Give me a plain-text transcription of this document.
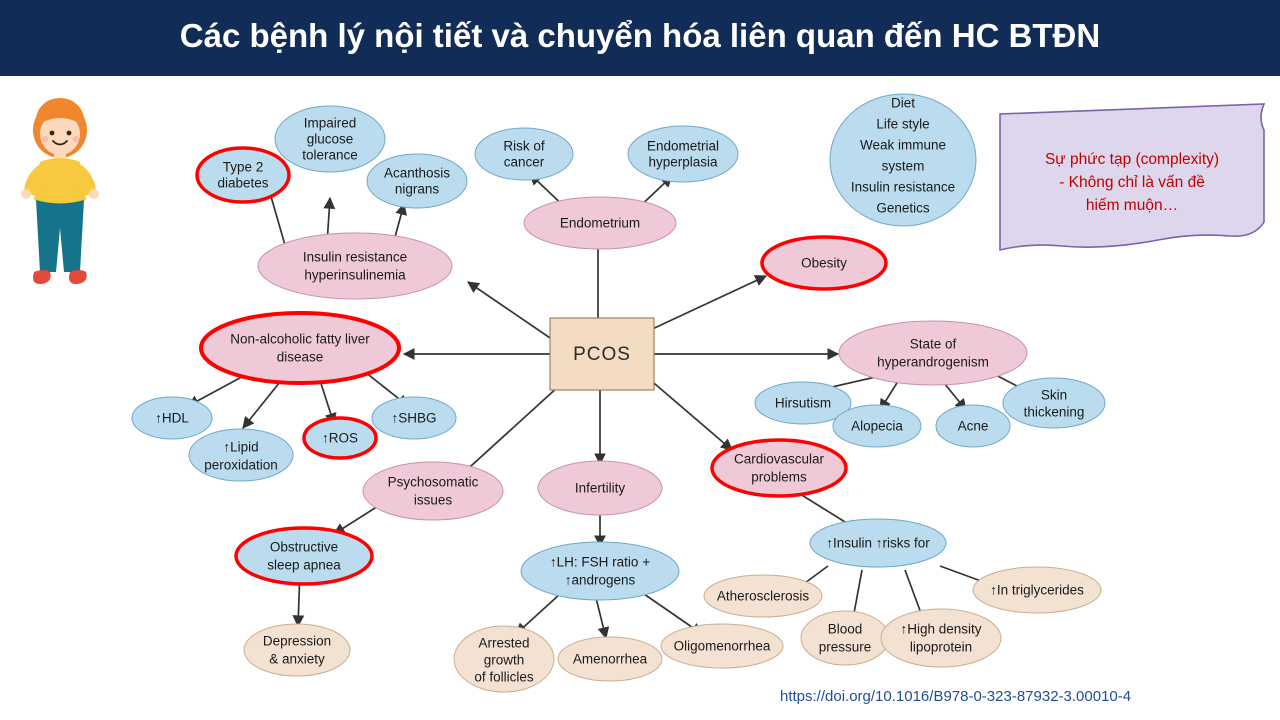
Các bệnh lý nội tiết và chuyển hóa liên quan đến HC BTĐN
PCOS
Impaired
glucose
tolerance
Type 2
diabetes
Acanthosis
nigrans
Insulin resistance
hyperinsulinemia
Risk of
cancer
Endometrial
hyperplasia
Endometrium
Diet
Life style
Weak immune
system
Insulin resistance
Genetics
Obesity
Non-alcoholic fatty liver
disease
↑HDL
↑Lipid
peroxidation
↑ROS
↑SHBG
State of
hyperandrogenism
Hirsutism
Alopecia	Acne
Skin
thickening
Psychosomatic
issues
Infertility
Cardiovascular
problems
Obstructive
sleep apnea
Depression
& anxiety
↑LH: FSH ratio +
↑androgens
Arrested
growth
of follicles
Amenorrhea
Oligomenorrhea
↑Insulin ↑risks for
Atherosclerosis
Blood
pressure
↑High density
lipoprotein
↑In triglycerides
Sự phức tạp (complexity)
- Không chỉ là vấn đề
hiếm muộn…
https://doi.org/10.1016/B978-0-323-87932-3.00010-4
